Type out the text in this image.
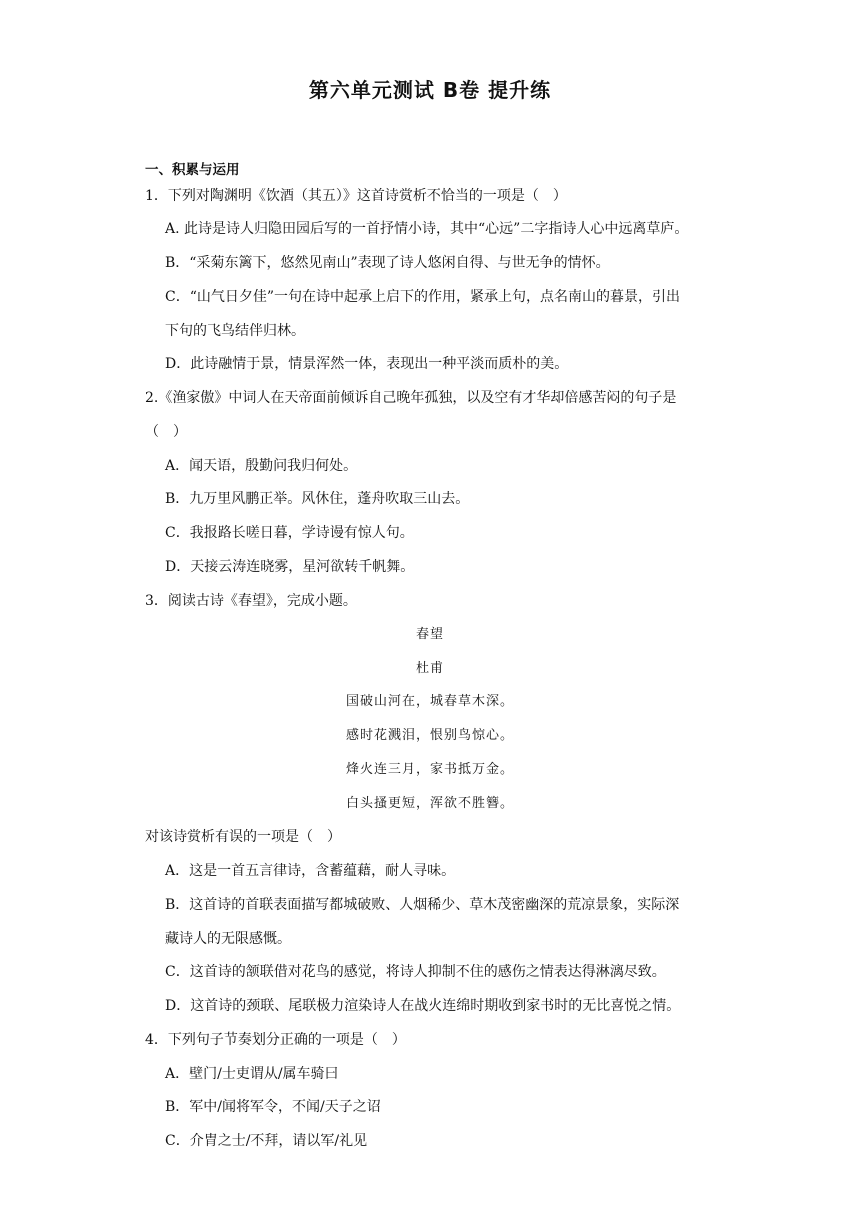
第六单元测试 B卷 提升练
一、积累与运用
1．下列对陶渊明《饮酒（其五）》这首诗赏析不恰当的一项是（　）
A. 此诗是诗人归隐田园后写的一首抒情小诗，其中“心远”二字指诗人心中远离草庐。
B．“采菊东篱下，悠然见南山”表现了诗人悠闲自得、与世无争的情怀。
C．“山气日夕佳”一句在诗中起承上启下的作用，紧承上句，点名南山的暮景，引出
下句的飞鸟结伴归林。
D．此诗融情于景，情景浑然一体，表现出一种平淡而质朴的美。
2.《渔家傲》中词人在天帝面前倾诉自己晚年孤独，以及空有才华却倍感苦闷的句子是
（　）
A．闻天语，殷勤问我归何处。
B．九万里风鹏正举。风休住，蓬舟吹取三山去。
C．我报路长嗟日暮，学诗谩有惊人句。
D．天接云涛连晓雾，星河欲转千帆舞。
3．阅读古诗《春望》，完成小题。
春望
杜甫
国破山河在，城春草木深。
感时花溅泪，恨别鸟惊心。
烽火连三月，家书抵万金。
白头搔更短，浑欲不胜簪。
对该诗赏析有误的一项是（　）
A．这是一首五言律诗，含蓄蕴藉，耐人寻味。
B．这首诗的首联表面描写都城破败、人烟稀少、草木茂密幽深的荒凉景象，实际深
藏诗人的无限感慨。
C．这首诗的颔联借对花鸟的感觉，将诗人抑制不住的感伤之情表达得淋漓尽致。
D．这首诗的颈联、尾联极力渲染诗人在战火连绵时期收到家书时的无比喜悦之情。
4．下列句子节奏划分正确的一项是（　）
A．壁门/士吏谓从/属车骑曰
B．军中/闻将军令，不闻/天子之诏
C．介胄之士/不拜，请以军/礼见
